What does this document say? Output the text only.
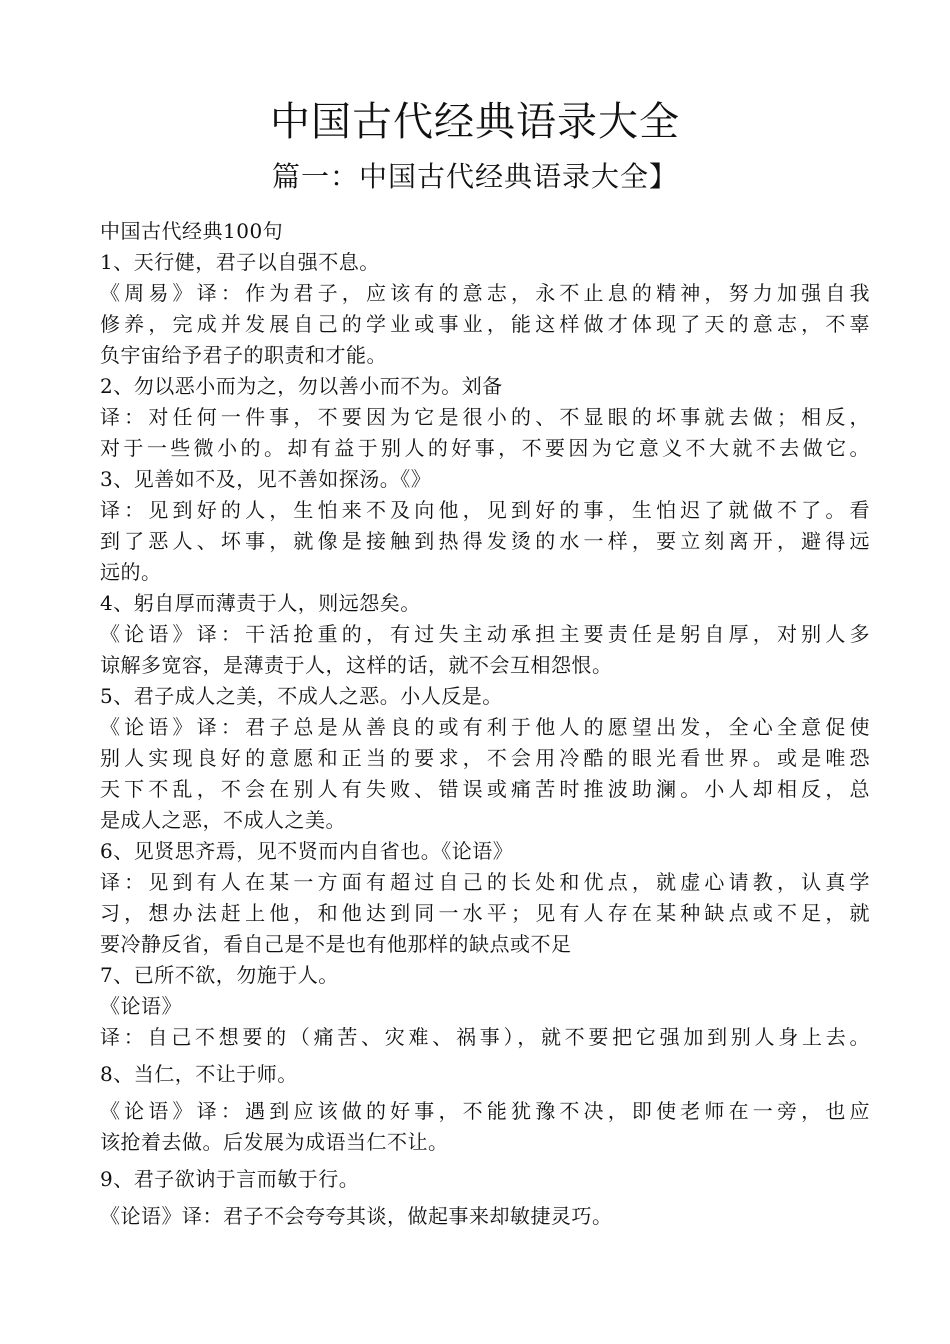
中国古代经典语录大全
篇一：中国古代经典语录大全】
中国古代经典100句
1、天行健，君子以自强不息。
《周易》译：作为君子，应该有的意志，永不止息的精神，努力加强自我
修养，完成并发展自己的学业或事业，能这样做才体现了天的意志，不辜
负宇宙给予君子的职责和才能。
2、勿以恶小而为之，勿以善小而不为。刘备
译：对任何一件事，不要因为它是很小的、不显眼的坏事就去做；相反，
对于一些微小的。却有益于别人的好事，不要因为它意义不大就不去做它。
3、见善如不及，见不善如探汤。《》
译：见到好的人，生怕来不及向他，见到好的事，生怕迟了就做不了。看
到了恶人、坏事，就像是接触到热得发烫的水一样，要立刻离开，避得远
远的。
4、躬自厚而薄责于人，则远怨矣。
《论语》译：干活抢重的，有过失主动承担主要责任是躬自厚，对别人多
谅解多宽容，是薄责于人，这样的话，就不会互相怨恨。
5、君子成人之美，不成人之恶。小人反是。
《论语》译：君子总是从善良的或有利于他人的愿望出发，全心全意促使
别人实现良好的意愿和正当的要求，不会用冷酷的眼光看世界。或是唯恐
天下不乱，不会在别人有失败、错误或痛苦时推波助澜。小人却相反，总
是成人之恶，不成人之美。
6、见贤思齐焉，见不贤而内自省也。《论语》
译：见到有人在某一方面有超过自己的长处和优点，就虚心请教，认真学
习，想办法赶上他，和他达到同一水平；见有人存在某种缺点或不足，就
要冷静反省，看自己是不是也有他那样的缺点或不足
7、已所不欲，勿施于人。
《论语》
译：自己不想要的（痛苦、灾难、祸事），就不要把它强加到别人身上去。
8、当仁，不让于师。
《论语》译：遇到应该做的好事，不能犹豫不决，即使老师在一旁，也应
该抢着去做。后发展为成语当仁不让。
9、君子欲讷于言而敏于行。
《论语》译：君子不会夸夸其谈，做起事来却敏捷灵巧。
